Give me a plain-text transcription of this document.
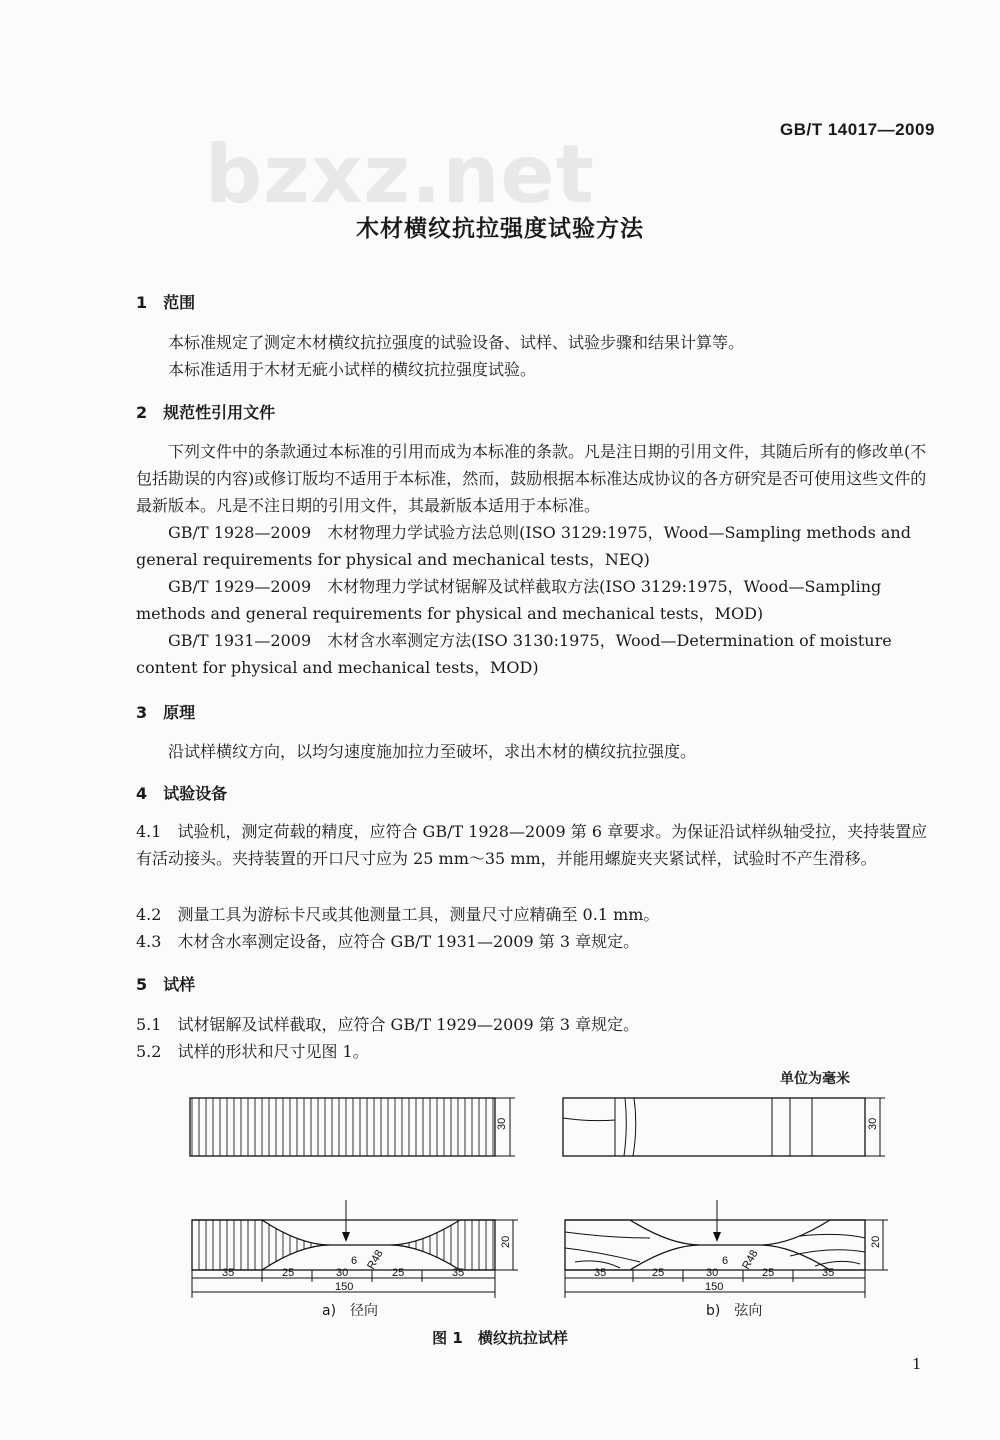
bzxz.net	GB/T 14017—2009
木材横纹抗拉强度试验方法
1　范围
本标准规定了测定木材横纹抗拉强度的试验设备、试样、试验步骤和结果计算等。
本标准适用于木材无疵小试样的横纹抗拉强度试验。
2　规范性引用文件
下列文件中的条款通过本标准的引用而成为本标准的条款。凡是注日期的引用文件，其随后所有的修改单(不包括勘误的内容)或修订版均不适用于本标准，然而，鼓励根据本标准达成协议的各方研究是否可使用这些文件的最新版本。凡是不注日期的引用文件，其最新版本适用于本标准。
GB/T 1928—2009　木材物理力学试验方法总则(ISO 3129:1975，Wood—Sampling methods and general requirements for physical and mechanical tests，NEQ)
GB/T 1929—2009　木材物理力学试材锯解及试样截取方法(ISO 3129:1975，Wood—Sampling methods and general requirements for physical and mechanical tests，MOD)
GB/T 1931—2009　木材含水率测定方法(ISO 3130:1975，Wood—Determination of moisture content for physical and mechanical tests，MOD)
3　原理
沿试样横纹方向，以均匀速度施加拉力至破坏，求出木材的横纹抗拉强度。
4　试验设备
4.1　试验机，测定荷载的精度，应符合 GB/T 1928—2009 第 6 章要求。为保证沿试样纵轴受拉，夹持装置应有活动接头。夹持装置的开口尺寸应为 25 mm～35 mm，并能用螺旋夹夹紧试样，试验时不产生滑移。
4.2　测量工具为游标卡尺或其他测量工具，测量尺寸应精确至 0.1 mm。
4.3　木材含水率测定设备，应符合 GB/T 1931—2009 第 3 章规定。
5　试样
5.1　试材锯解及试样截取，应符合 GB/T 1929—2009 第 3 章规定。
5.2　试样的形状和尺寸见图 1。
单位为毫米
30	30
6 R48
20
35	25	30	25	35
150
6 R48
20
35	25	30	25	35
150
a)　径向	b)　弦向
图 1　横纹抗拉试样
1
